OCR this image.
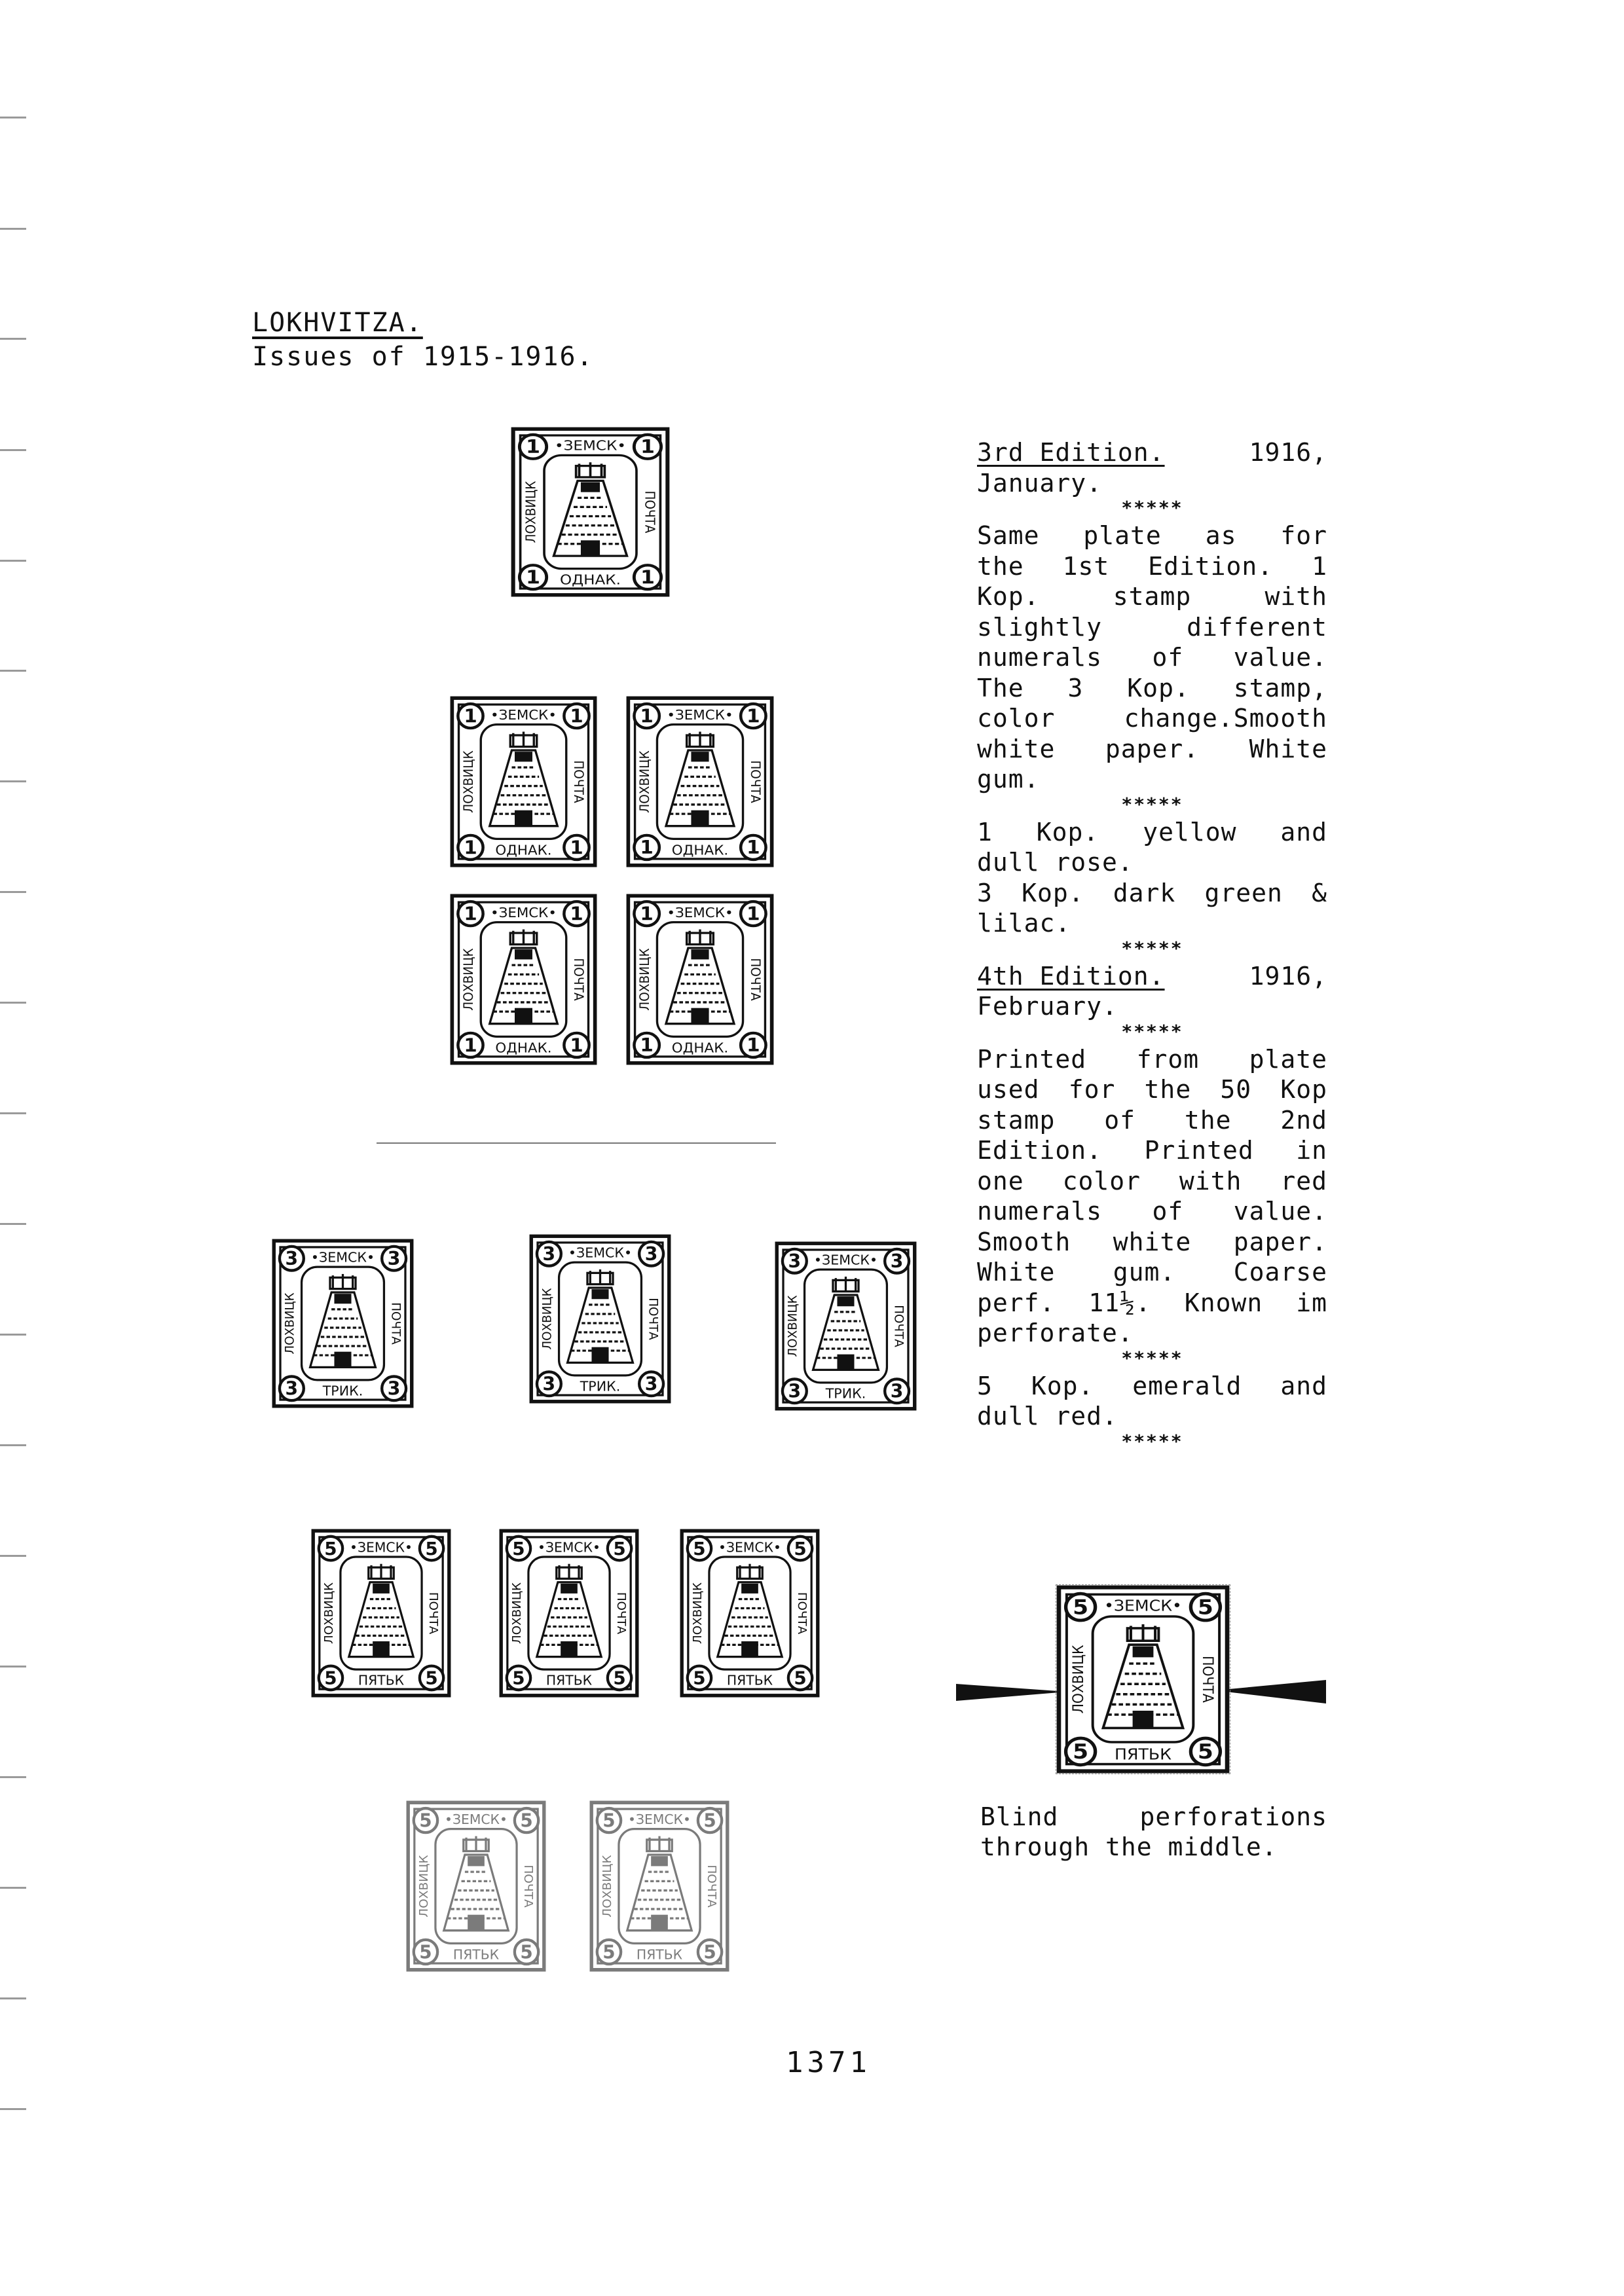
LOKHVITZA.
Issues of 1915-1916.
3rd Edition.	1916,

January.

*****

Same plate as for

the 1st Edition. 1

Kop. stamp with

slightly different

numerals of value.

The 3 Kop. stamp,

color change.Smooth

white paper. White

gum.

*****

1 Kop. yellow and

dull rose.

3 Kop. dark green &

lilac.

*****
4th Edition.	1916,

February.

*****

Printed from plate

used for the 50 Kop

stamp of the 2nd

Edition. Printed in

one color with red

numerals of value.

Smooth white paper.

White gum. Coarse

perf. 11½. Known im

perforate.

*****

5 Kop. emerald and

dull red.

*****
•ЗЕМСК•
ОДНАК.
ЛОХВИЦК	ПОЧТА
1	1
1	1
•ЗЕМСК•
ОДНАК.
ЛОХВИЦК	ПОЧТА
1	1
1	1
•ЗЕМСК•
ОДНАК.
ЛОХВИЦК	ПОЧТА
1	1
1	1
•ЗЕМСК•
ОДНАК.
ЛОХВИЦК	ПОЧТА
1	1
1	1
•ЗЕМСК•
ОДНАК.
ЛОХВИЦК	ПОЧТА
1	1
1	1
•ЗЕМСК•
ТРИК.
ЛОХВИЦК	ПОЧТА
3	3
3	3
•ЗЕМСК•
ТРИК.
ЛОХВИЦК	ПОЧТА
3	3
3	3
•ЗЕМСК•
ТРИК.
ЛОХВИЦК	ПОЧТА
3	3
3	3
•ЗЕМСК•
ПЯТЬК
ЛОХВИЦК	ПОЧТА
5	5
5	5
•ЗЕМСК•
ПЯТЬК
ЛОХВИЦК	ПОЧТА
5	5
5	5
•ЗЕМСК•
ПЯТЬК
ЛОХВИЦК	ПОЧТА
5	5
5	5
•ЗЕМСК•
ПЯТЬК
ЛОХВИЦК	ПОЧТА
5	5
5	5
•ЗЕМСК•
ПЯТЬК
ЛОХВИЦК	ПОЧТА
5	5
5	5
•ЗЕМСК•
ПЯТЬК
ЛОХВИЦК	ПОЧТА
5	5
5	5

Blind perforations

through the middle.

1371
